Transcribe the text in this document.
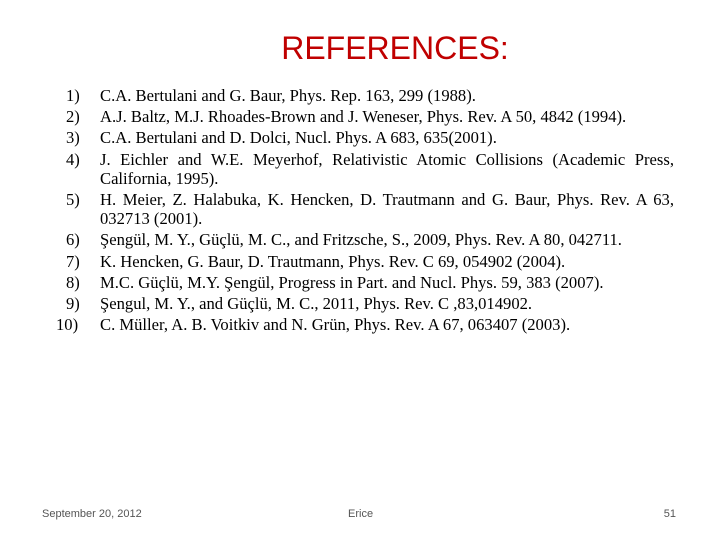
REFERENCES:
1)	C.A. Bertulani and G. Baur, Phys. Rep. 163, 299 (1988).
2)	A.J. Baltz, M.J. Rhoades-Brown and J. Weneser, Phys. Rev. A 50, 4842 (1994).
3)	C.A. Bertulani and D. Dolci, Nucl. Phys. A 683, 635(2001).
4)	J. Eichler and W.E. Meyerhof, Relativistic Atomic Collisions (Academic Press, California, 1995).
5)	H. Meier, Z. Halabuka, K. Hencken, D. Trautmann and G. Baur, Phys. Rev. A 63, 032713 (2001).
6)	Şengül, M. Y., Güçlü, M. C., and Fritzsche, S., 2009, Phys. Rev. A 80, 042711.
7)	K. Hencken, G. Baur, D. Trautmann, Phys. Rev. C 69, 054902 (2004).
8)	M.C. Güçlü, M.Y. Şengül, Progress in Part. and Nucl. Phys. 59, 383 (2007).
9)	Şengul, M. Y., and Güçlü, M. C., 2011, Phys. Rev. C ,83,014902.
10)	C. Müller, A. B. Voitkiv and N. Grün, Phys. Rev. A 67, 063407 (2003).
September 20, 2012	Erice	51
